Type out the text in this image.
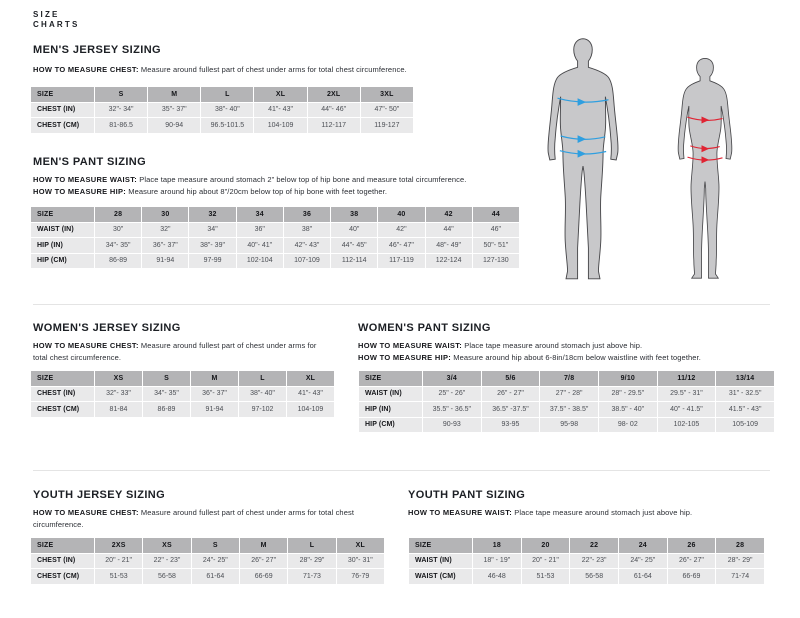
SIZE
CHARTS
MEN'S JERSEY SIZING

HOW TO MEASURE CHEST: Measure around fullest part of chest under arms for total chest circumference.

SIZE	S	M	L	XL	2XL	3XL
CHEST (IN)	32"- 34"	35"- 37"	38"- 40"	41"- 43"	44"- 46"	47"- 50"
CHEST (CM)	81-86.5	90-94	96.5-101.5	104-109	112-117	119-127
MEN'S PANT SIZING

HOW TO MEASURE WAIST: Place tape measure around stomach 2” below top of hip bone and measure total circumference.

HOW TO MEASURE HIP: Measure around hip about 8”/20cm below top of hip bone with feet together.

SIZE	28	30	32	34	36	38	40	42	44
WAIST (IN)	30"	32"	34"	36"	38"	40"	42"	44"	46"
HIP (IN)	34"- 35"	36"- 37"	38"- 39"	40"- 41"	42"- 43"	44"- 45"	46"- 47"	48"- 49"	50"- 51"
HIP (CM)	86-89	91-94	97-99	102-104	107-109	112-114	117-119	122-124	127-130
WOMEN'S JERSEY SIZING

HOW TO MEASURE CHEST: Measure around fullest part of chest under arms for total chest circumference.

SIZE	XS	S	M	L	XL
CHEST (IN)	32"- 33"	34"- 35"	36"- 37"	38"- 40"	41"- 43"
CHEST (CM)	81-84	86-89	91-94	97-102	104-109
WOMEN'S PANT SIZING

HOW TO MEASURE WAIST: Place tape measure around stomach just above hip.

HOW TO MEASURE HIP: Measure around hip about 6-8in/18cm below waistline with feet together.

SIZE	3/4	5/6	7/8	9/10	11/12	13/14
WAIST (IN)	25" - 26"	26" - 27"	27" - 28"	28" - 29.5"	29.5" - 31"	31" - 32.5"
HIP (IN)	35.5" - 36.5"	36.5" -37.5"	37.5" - 38.5"	38.5" - 40"	40" - 41.5"	41.5" - 43"
HIP (CM)	90-93	93-95	95-98	98- 02	102-105	105-109
YOUTH JERSEY SIZING

HOW TO MEASURE CHEST: Measure around fullest part of chest under arms for total chest circumference.

SIZE	2XS	XS	S	M	L	XL
CHEST (IN)	20" - 21"	22" - 23"	24"- 25"	26"- 27"	28"- 29"	30"- 31"
CHEST (CM)	51-53	56-58	61-64	66-69	71-73	76-79
YOUTH PANT SIZING

HOW TO MEASURE WAIST: Place tape measure around stomach just above hip.

SIZE	18	20	22	24	26	28
WAIST (IN)	18" - 19"	20" - 21"	22"- 23"	24"- 25"	26"- 27"	28"- 29"
WAIST (CM)	46-48	51-53	56-58	61-64	66-69	71-74
